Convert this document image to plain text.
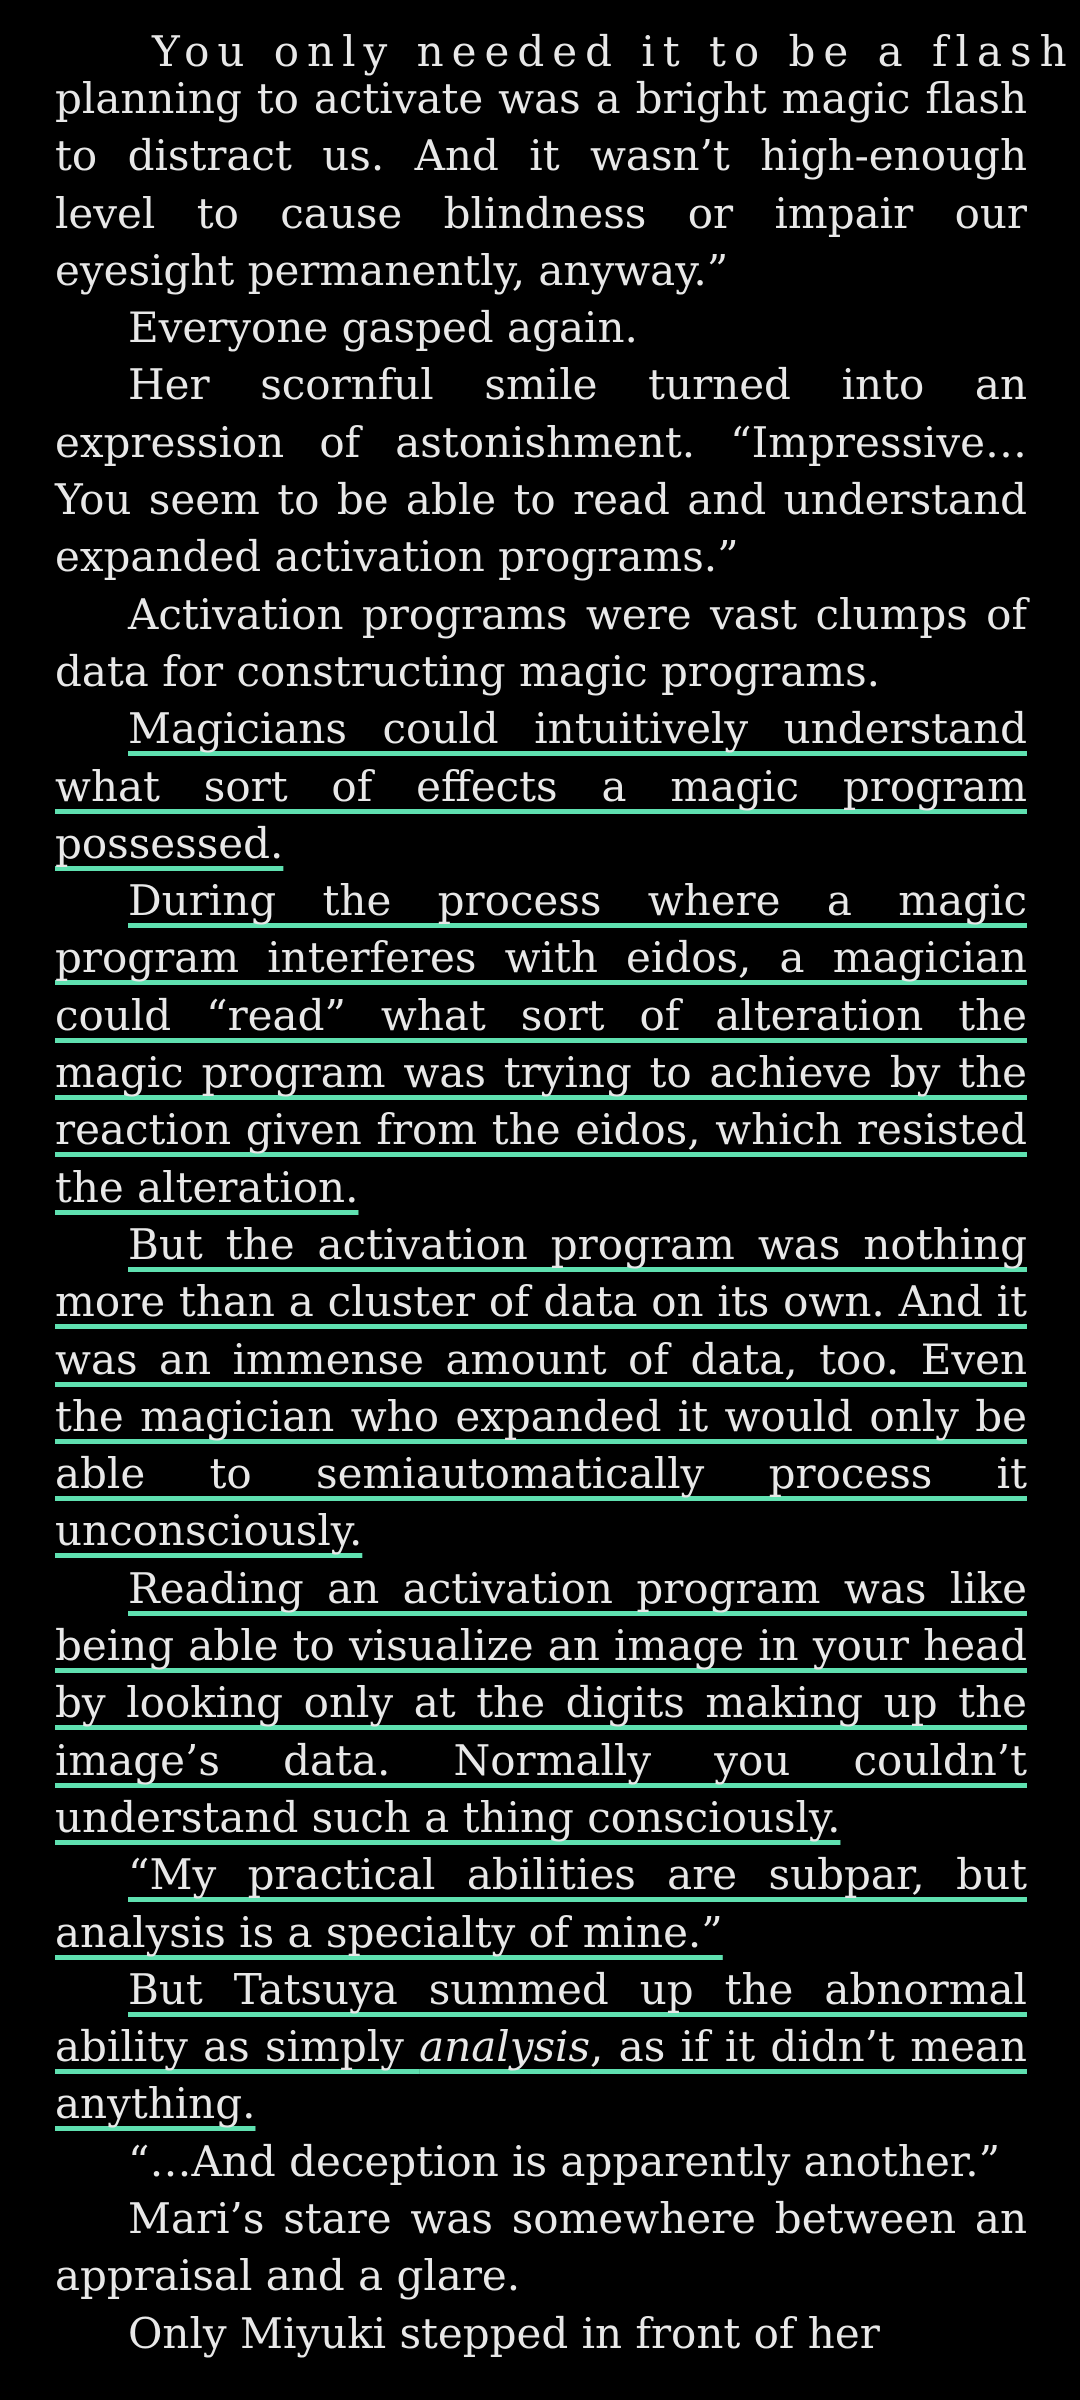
You only needed it to be a flash

planning to activate was a bright magic flash to distract us. And it wasn’t high-enough level to cause blindness or impair our eyesight permanently, anyway.”

Everyone gasped again.

Her scornful smile turned into an expression of astonishment. “Impressive… You seem to be able to read and understand expanded activation programs.”

Activation programs were vast clumps of data for constructing magic programs.

Magicians could intuitively understand what sort of effects a magic program possessed.

During the process where a magic program interferes with eidos, a magician could “read” what sort of alteration the magic program was trying to achieve by the reaction given from the eidos, which resisted the alteration.

But the activation program was nothing more than a cluster of data on its own. And it was an immense amount of data, too. Even the magician who expanded it would only be able to semiautomatically process it unconsciously.

Reading an activation program was like being able to visualize an image in your head by looking only at the digits making up the image’s data. Normally you couldn’t understand such a thing consciously.

“My practical abilities are subpar, but analysis is a specialty of mine.”

But Tatsuya summed up the abnormal ability as simply analysis, as if it didn’t mean anything.

“…And deception is apparently another.”

Mari’s stare was somewhere between an appraisal and a glare.

Only Miyuki stepped in front of her
